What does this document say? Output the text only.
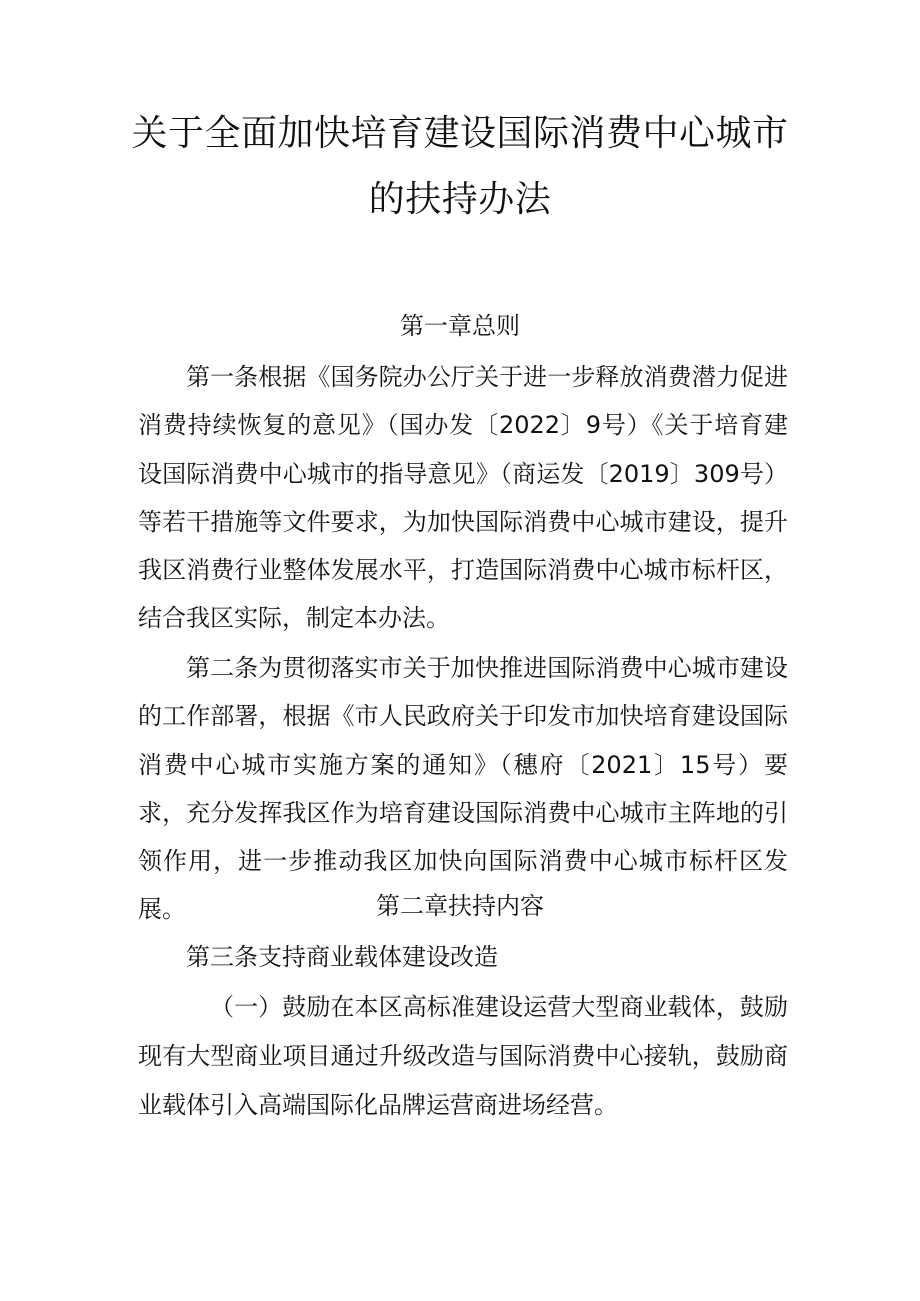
关于全面加快培育建设国际消费中心城市
的扶持办法
第一章总则

第一条根据《国务院办公厅关于进一步释放消费潜力促进消费持续恢复的意见》（国办发〔2022〕9号）《关于培育建设国际消费中心城市的指导意见》（商运发〔2019〕309号）等若干措施等文件要求，为加快国际消费中心城市建设，提升我区消费行业整体发展水平，打造国际消费中心城市标杆区，结合我区实际，制定本办法。

第二条为贯彻落实市关于加快推进国际消费中心城市建设的工作部署，根据《市人民政府关于印发市加快培育建设国际消费中心城市实施方案的通知》（穗府〔2021〕15号）要求，充分发挥我区作为培育建设国际消费中心城市主阵地的引领作用，进一步推动我区加快向国际消费中心城市标杆区发展。	第二章扶持内容

第三条支持商业载体建设改造

（一）鼓励在本区高标准建设运营大型商业载体，鼓励现有大型商业项目通过升级改造与国际消费中心接轨，鼓励商业载体引入高端国际化品牌运营商进场经营。
